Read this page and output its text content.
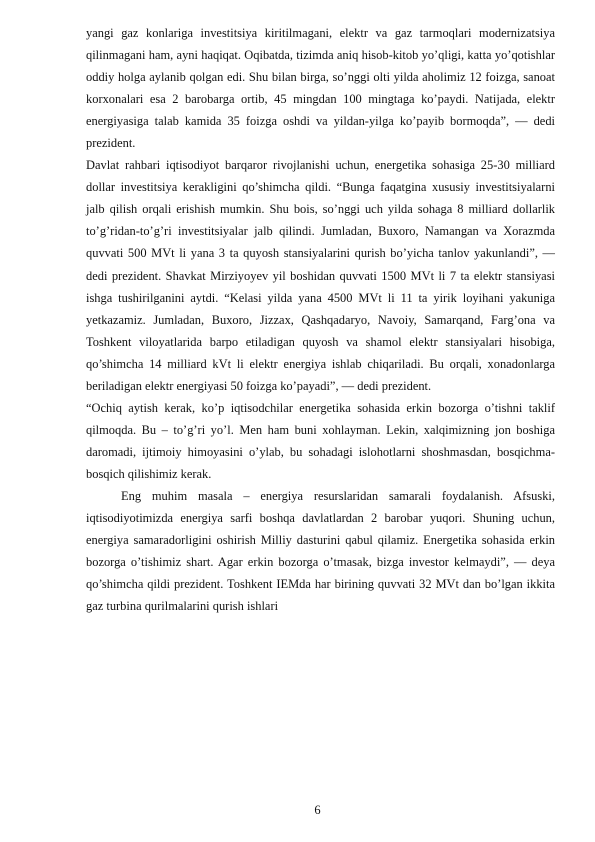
yangi gaz konlariga investitsiya kiritilmagani, elektr va gaz tarmoqlari modernizatsiya qilinmagani ham, ayni haqiqat. Oqibatda, tizimda aniq hisob-kitob yo’qligi, katta yo’qotishlar oddiy holga aylanib qolgan edi. Shu bilan birga, so’nggi olti yilda aholimiz 12 foizga, sanoat korxonalari esa 2 barobarga ortib, 45 mingdan 100 mingtaga ko’paydi. Natijada, elektr energiyasiga talab kamida 35 foizga oshdi va yildan-yilga ko’payib bormoqda”, — dedi prezident.

Davlat rahbari iqtisodiyot barqaror rivojlanishi uchun, energetika sohasiga 25-30 milliard dollar investitsiya kerakligini qo’shimcha qildi. “Bunga faqatgina xususiy investitsiyalarni jalb qilish orqali erishish mumkin. Shu bois, so’nggi uch yilda sohaga 8 milliard dollarlik to’g’ridan-to’g’ri investitsiyalar jalb qilindi. Jumladan, Buxoro, Namangan va Xorazmda quvvati 500 MVt li yana 3 ta quyosh stansiyalarini qurish bo’yicha tanlov yakunlandi”, — dedi prezident. Shavkat Mirziyoyev yil boshidan quvvati 1500 MVt li 7 ta elektr stansiyasi ishga tushirilganini aytdi. “Kelasi yilda yana 4500 MVt li 11 ta yirik loyihani yakuniga yetkazamiz. Jumladan, Buxoro, Jizzax, Qashqadaryo, Navoiy, Samarqand, Farg’ona va Toshkent viloyatlarida barpo etiladigan quyosh va shamol elektr stansiyalari hisobiga, qo’shimcha 14 milliard kVt li elektr energiya ishlab chiqariladi. Bu orqali, xonadonlarga beriladigan elektr energiyasi 50 foizga ko’payadi”, — dedi prezident.

“Ochiq aytish kerak, ko’p iqtisodchilar energetika sohasida erkin bozorga o’tishni taklif qilmoqda. Bu – to’g’ri yo’l. Men ham buni xohlayman. Lekin, xalqimizning jon boshiga daromadi, ijtimoiy himoyasini o’ylab, bu sohadagi islohotlarni shoshmasdan, bosqichma-bosqich qilishimiz kerak.

Eng muhim masala – energiya resurslaridan samarali foydalanish. Afsuski, iqtisodiyotimizda energiya sarfi boshqa davlatlardan 2 barobar yuqori. Shuning uchun, energiya samaradorligini oshirish Milliy dasturini qabul qilamiz. Energetika sohasida erkin bozorga o’tishimiz shart. Agar erkin bozorga o’tmasak, bizga investor kelmaydi”, — deya qo’shimcha qildi prezident. Toshkent IEMda har birining quvvati 32 MVt dan bo’lgan ikkita gaz turbina qurilmalarini qurish ishlari

6
